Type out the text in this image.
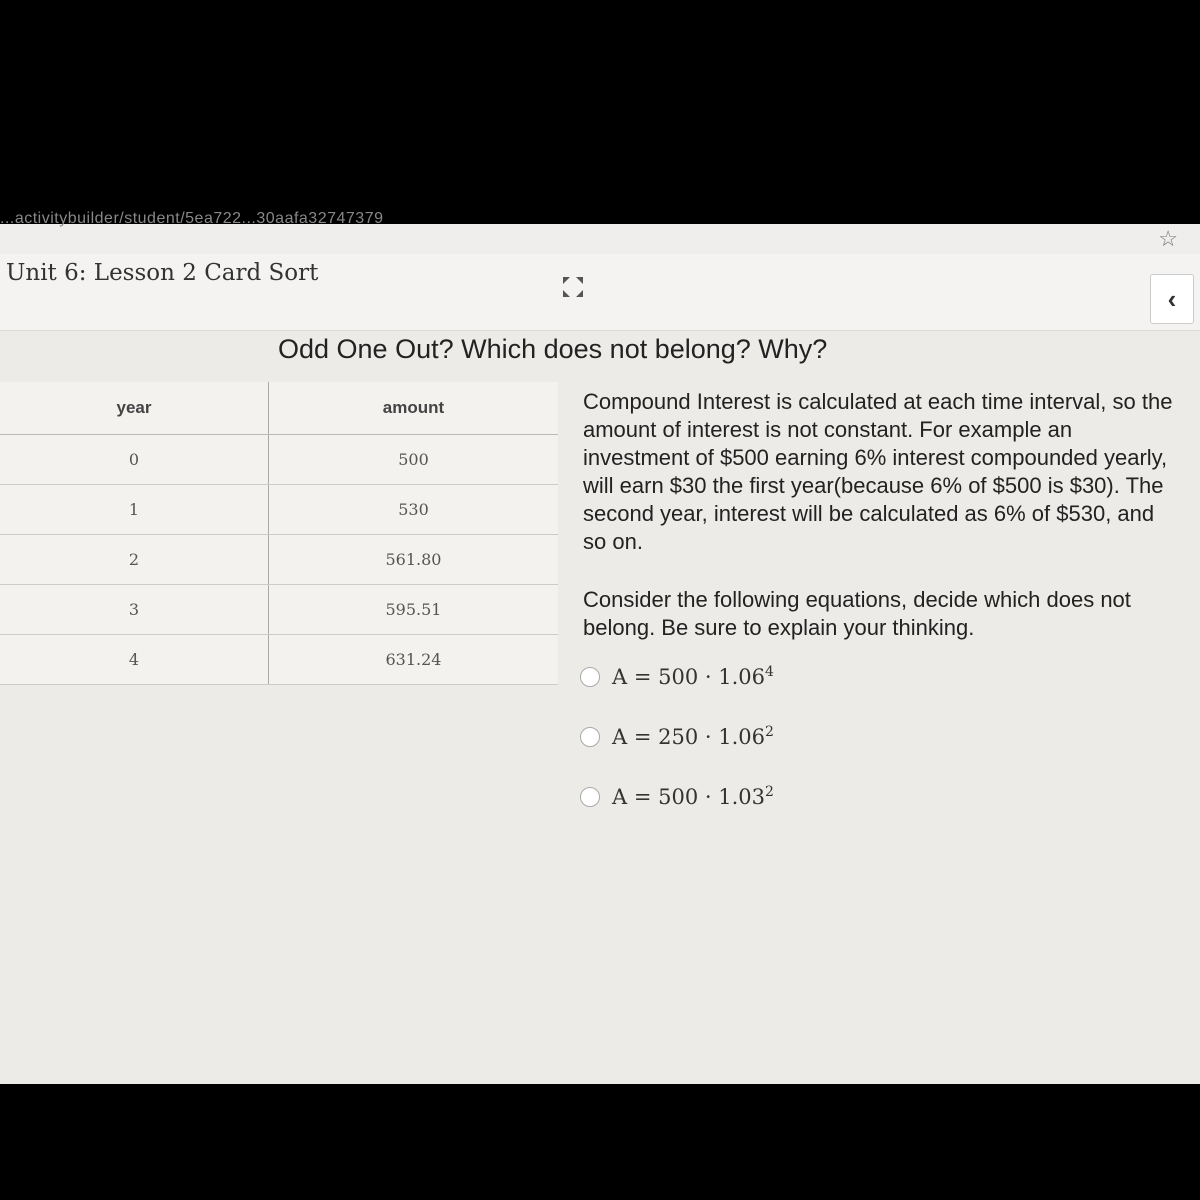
...activitybuilder/student/5ea722...30aafa32747379
☆
Unit 6: Lesson 2 Card Sort
‹
Odd One Out? Which does not belong? Why?
year	amount
0	500
1	530
2	561.80
3	595.51
4	631.24
Compound Interest is calculated at each time interval, so the amount of interest is not constant. For example an investment of $500 earning 6% interest compounded yearly, will earn $30 the first year(because 6% of $500 is $30). The second year, interest will be calculated as 6% of $530, and so on.
Consider the following equations, decide which does not belong. Be sure to explain your thinking.
$A = 500 \cdot 1.06^4$
$A = 250 \cdot 1.06^2$
$A = 500 \cdot 1.03^2$
